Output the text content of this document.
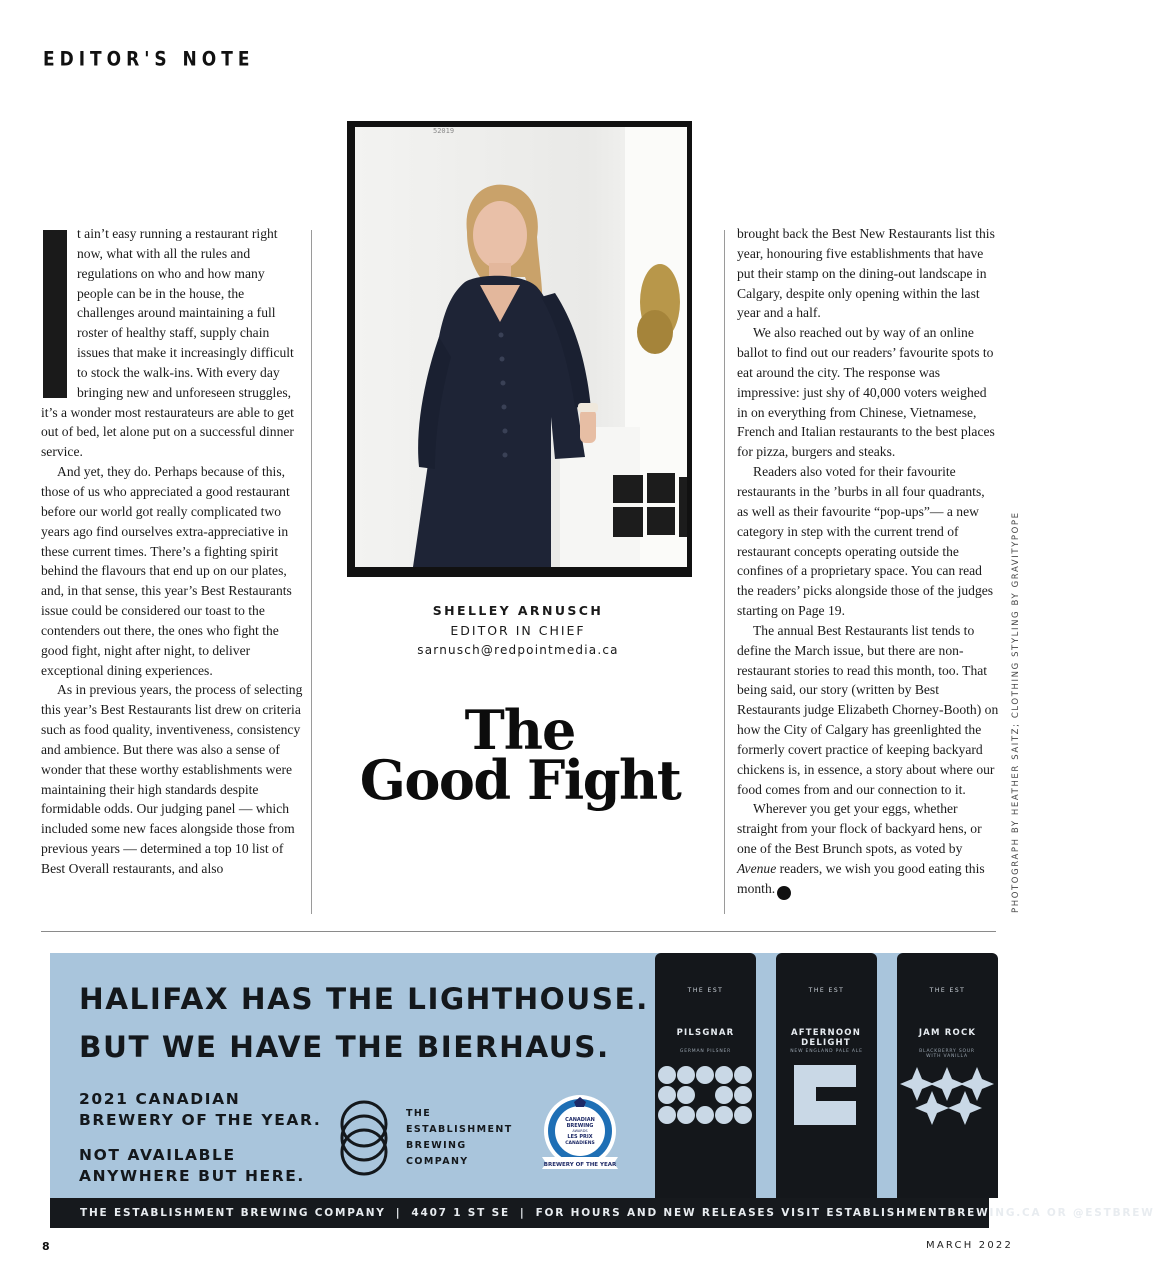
EDITOR'S NOTE

t ain’t easy running a restaurant right now, what with all the rules and regulations on who and how many people can be in the house, the challenges around maintaining a full roster of healthy staff, supply chain issues that make it increasingly difficult to stock the walk-ins. With every day bringing new and unforeseen struggles, it’s a wonder most restaurateurs are able to get out of bed, let alone put on a successful dinner service.

And yet, they do. Perhaps because of this, those of us who appreciated a good restaurant before our world got really complicated two years ago find ourselves extra-appreciative in these current times. There’s a fighting spirit behind the flavours that end up on our plates, and, in that sense, this year’s Best Restaurants issue could be considered our toast to the contenders out there, the ones who fight the good fight, night after night, to deliver exceptional dining experiences.

As in previous years, the process of selecting this year’s Best Restaurants list drew on criteria such as food quality, inventiveness, consistency and ambience. But there was also a sense of wonder that these worthy establishments were maintaining their high standards despite formidable odds. Our judging panel — which included some new faces alongside those from previous years — determined a top 10 list of Best Overall restaurants, and also

52019
SHELLEY ARNUSCH
EDITOR IN CHIEF
sarnusch@redpointmedia.ca
The
Good Fight

brought back the Best New Restaurants list this year, honouring five establishments that have put their stamp on the dining-out landscape in Calgary, despite only opening within the last year and a half.

We also reached out by way of an online ballot to find out our readers’ favourite spots to eat around the city. The response was impressive: just shy of 40,000 voters weighed in on everything from Chinese, Vietnamese, French and Italian restaurants to the best places for pizza, burgers and steaks.

Readers also voted for their favourite restaurants in the ’burbs in all four quadrants, as well as their favourite “pop-ups”— a new category in step with the current trend of restaurant concepts operating outside the confines of a proprietary space. You can read the readers’ picks alongside those of the judges starting on Page 19.

The annual Best Restaurants list tends to define the March issue, but there are non-restaurant stories to read this month, too. That being said, our story (written by Best Restaurants judge Elizabeth Chorney-Booth) on how the City of Calgary has greenlighted the formerly covert practice of keeping backyard chickens is, in essence, a story about where our food comes from and our connection to it.

Wherever you get your eggs, whether straight from your flock of backyard hens, or one of the Best Brunch spots, as voted by Avenue readers, we wish you good eating this month. a	PHOTOGRAPH BY HEATHER SAITZ; CLOTHING STYLING BY GRAVITYPOPE
HALIFAX HAS THE LIGHTHOUSE.
BUT WE HAVE THE BIERHAUS.
2021 CANADIAN
BREWERY OF THE YEAR.
NOT AVAILABLE
ANYWHERE BUT HERE.
THE
ESTABLISHMENT
BREWING
COMPANY
CANADIAN
BREWING
AWARDS
LES PRIX
CANADIENS
BREWERY OF THE YEAR
THE EST
PILSGNAR
GERMAN PILSNER
THE EST
AFTERNOON DELIGHT
NEW ENGLAND PALE ALE
THE EST
JAM ROCK
BLACKBERRY SOUR WITH VANILLA
THE ESTABLISHMENT BREWING COMPANY | 4407 1 ST SE | FOR HOURS AND NEW RELEASES VISIT ESTABLISHMENTBREWING.CA OR @ESTBREW
8	MARCH 2022
